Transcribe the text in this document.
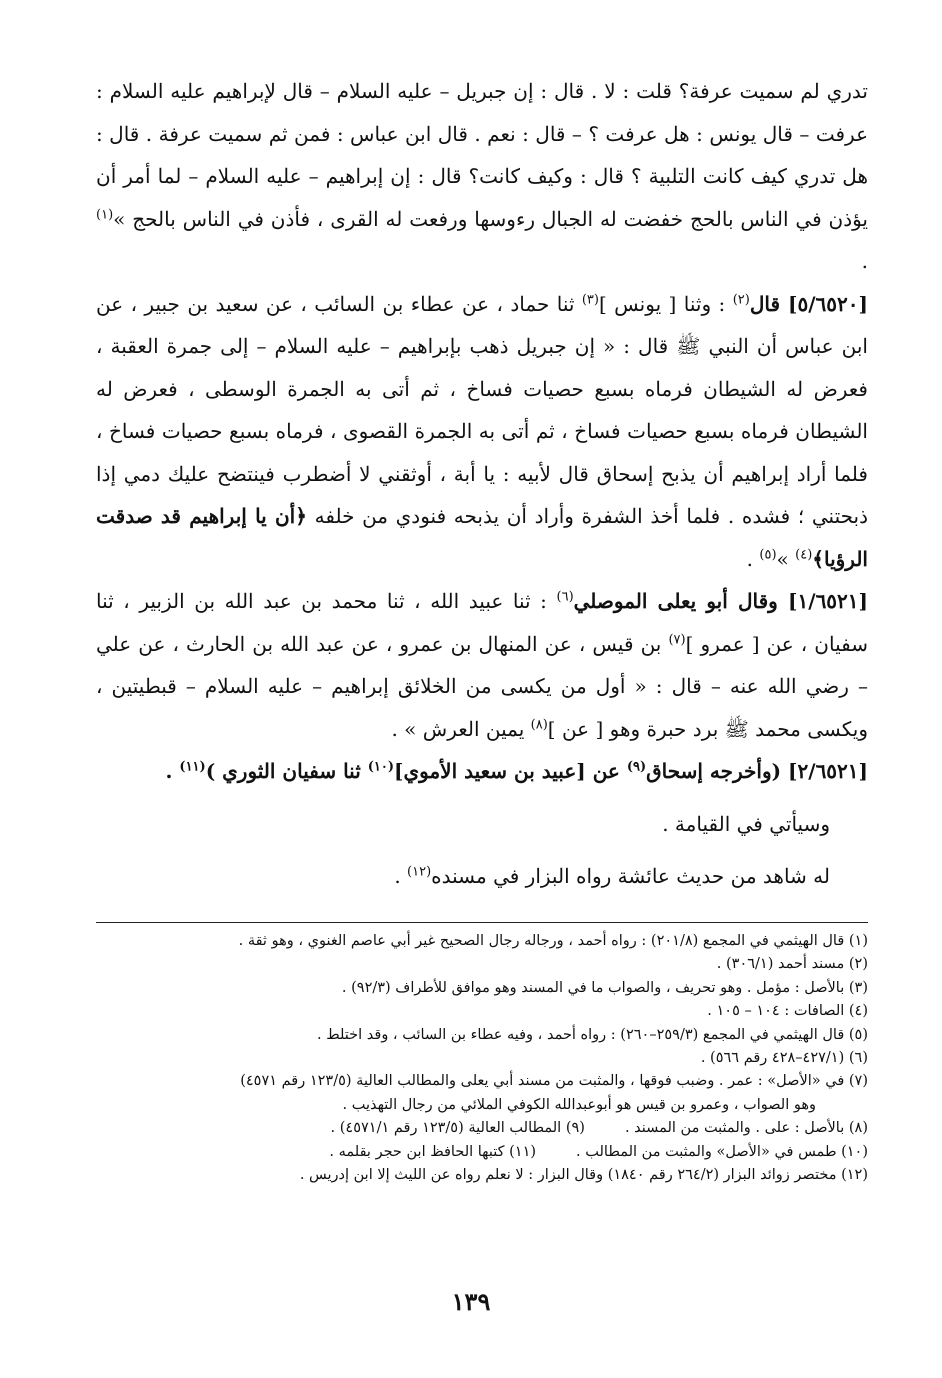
تدري لم سميت عرفة؟ قلت : لا . قال : إن جبريل – عليه السلام – قال لإبراهيم عليه السلام : عرفت – قال يونس : هل عرفت ؟ – قال : نعم . قال ابن عباس : فمن ثم سميت عرفة . قال : هل تدري كيف كانت التلبية ؟ قال : وكيف كانت؟ قال : إن إبراهيم – عليه السلام – لما أمر أن يؤذن في الناس بالحج خفضت له الجبال رءوسها ورفعت له القرى ، فأذن في الناس بالحج »$^{(١)}$ .

[٥/٦٥٢٠] قال$^{(٢)}$ : وثنا [ يونس ]$^{(٣)}$ ثنا حماد ، عن عطاء بن السائب ، عن سعيد بن جبير ، عن ابن عباس أن النبي ﷺ قال : « إن جبريل ذهب بإبراهيم – عليه السلام – إلى جمرة العقبة ، فعرض له الشيطان فرماه بسبع حصيات فساخ ، ثم أتى به الجمرة الوسطى ، فعرض له الشيطان فرماه بسبع حصيات فساخ ، ثم أتى به الجمرة القصوى ، فرماه بسبع حصيات فساخ ، فلما أراد إبراهيم أن يذبح إسحاق قال لأبيه : يا أبة ، أوثقني لا أضطرب فينتضح عليك دمي إذا ذبحتني ؛ فشده . فلما أخذ الشفرة وأراد أن يذبحه فنودي من خلفه ﴿أن يا إبراهيم قد صدقت الرؤيا﴾$^{(٤)}$ »$^{(٥)}$ .

[١/٦٥٢١] وقال أبو يعلى الموصلي$^{(٦)}$ : ثنا عبيد الله ، ثنا محمد بن عبد الله بن الزبير ، ثنا سفيان ، عن [ عمرو ]$^{(٧)}$ بن قيس ، عن المنهال بن عمرو ، عن عبد الله بن الحارث ، عن علي – رضي الله عنه – قال : « أول من يكسى من الخلائق إبراهيم – عليه السلام – قبطيتين ، ويكسى محمد ﷺ برد حبرة وهو [ عن ]$^{(٨)}$ يمين العرش » .

[٢/٦٥٢١] (وأخرجه إسحاق$^{(٩)}$ عن [عبيد بن سعيد الأموي]$^{(١٠)}$ ثنا سفيان الثوري )$^{(١١)}$ .

وسيأتي في القيامة .

له شاهد من حديث عائشة رواه البزار في مسنده$^{(١٢)}$ .

(١) قال الهيثمي في المجمع (٢٠١/٨) : رواه أحمد ، ورجاله رجال الصحيح غير أبي عاصم الغنوي ، وهو ثقة .

(٢) مسند أحمد (٣٠٦/١) .

(٣) بالأصل : مؤمل . وهو تحريف ، والصواب ما في المسند وهو موافق للأطراف (٩٢/٣) .

(٤) الصافات : ١٠٤ – ١٠٥ .

(٥) قال الهيثمي في المجمع (٢٥٩/٣–٢٦٠) : رواه أحمد ، وفيه عطاء بن السائب ، وقد اختلط .

(٦) (٤٢٧/١–٤٢٨ رقم ٥٦٦) .

(٧) في «الأصل» : عمر . وضبب فوقها ، والمثبت من مسند أبي يعلى والمطالب العالية (١٢٣/٥ رقم ٤٥٧١)

وهو الصواب ، وعمرو بن قيس هو أبوعبدالله الكوفي الملائي من رجال التهذيب .

(٨) بالأصل : على . والمثبت من المسند .

(٩) المطالب العالية (١٢٣/٥ رقم ٤٥٧١/١) .

(١٠) طمس في «الأصل» والمثبت من المطالب .

(١١) كتبها الحافظ ابن حجر بقلمه .

(١٢) مختصر زوائد البزار (٢٦٤/٢ رقم ١٨٤٠) وقال البزار : لا نعلم رواه عن الليث إلا ابن إدريس .

١٣٩
